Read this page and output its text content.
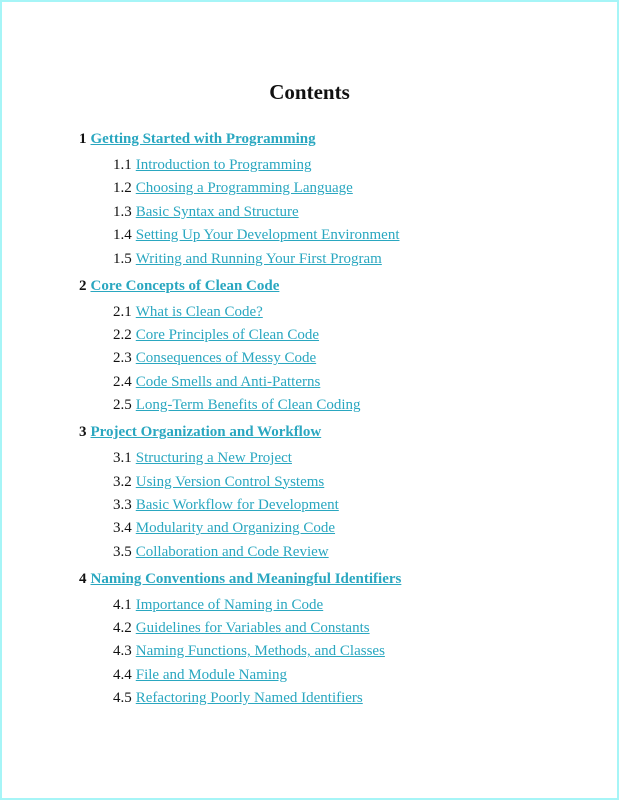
Contents
1 Getting Started with Programming
1.1 Introduction to Programming
1.2 Choosing a Programming Language
1.3 Basic Syntax and Structure
1.4 Setting Up Your Development Environment
1.5 Writing and Running Your First Program
2 Core Concepts of Clean Code
2.1 What is Clean Code?
2.2 Core Principles of Clean Code
2.3 Consequences of Messy Code
2.4 Code Smells and Anti-Patterns
2.5 Long-Term Benefits of Clean Coding
3 Project Organization and Workflow
3.1 Structuring a New Project
3.2 Using Version Control Systems
3.3 Basic Workflow for Development
3.4 Modularity and Organizing Code
3.5 Collaboration and Code Review
4 Naming Conventions and Meaningful Identifiers
4.1 Importance of Naming in Code
4.2 Guidelines for Variables and Constants
4.3 Naming Functions, Methods, and Classes
4.4 File and Module Naming
4.5 Refactoring Poorly Named Identifiers
